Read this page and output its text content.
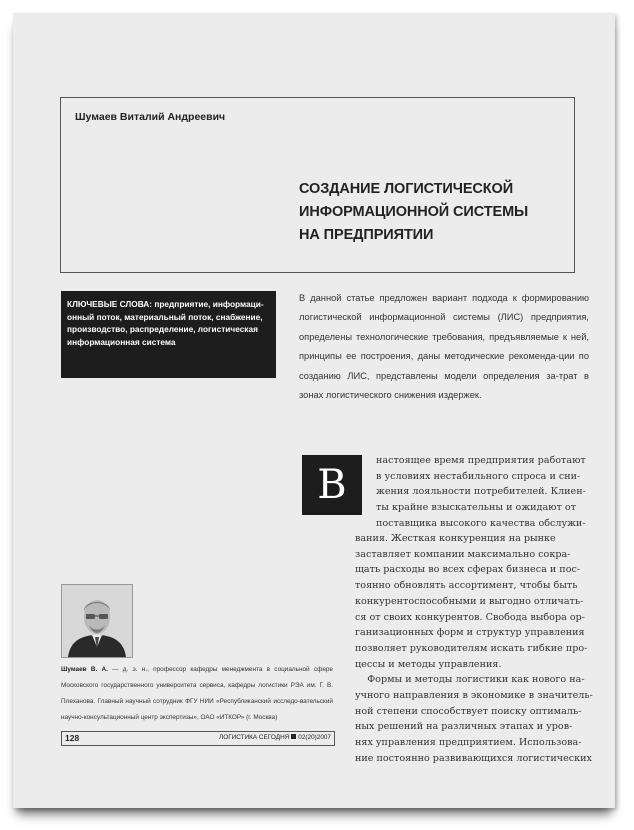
Шумаев Виталий Андреевич
СОЗДАНИЕ ЛОГИСТИЧЕСКОЙ
ИНФОРМАЦИОННОЙ СИСТЕМЫ
НА ПРЕДПРИЯТИИ

КЛЮЧЕВЫЕ СЛОВА: предприятие, информаци-
онный поток, материальный поток, снабжение,
производство, распределение, логистическая
информационная система

В данной статье предложен вариант подхода к формированию логистической информационной системы (ЛИС) предприятия, определены технологические требования, предъявляемые к ней, принципы ее построения, даны методические рекоменда-ции по созданию ЛИС, представлены модели определения за-трат в зонах логистического снижения издержек.

В

настоящее время предприятия работают
в условиях нестабильного спроса и сни-
жения лояльности потребителей. Клиен-
ты крайне взыскательны и ожидают от
поставщика высокого качества обслужи-

вания. Жесткая конкуренция на рынке
заставляет компании максимально сокра-
щать расходы во всех сферах бизнеса и пос-
тоянно обновлять ассортимент, чтобы быть
конкурентоспособными и выгодно отличать-
ся от своих конкурентов. Свобода выбора ор-
ганизационных форм и структур управления
позволяет руководителям искать гибкие про-
цессы и методы управления.
Формы и методы логистики как нового на-
учного направления в экономике в значитель-
ной степени способствует поиску оптималь-
ных решений на различных этапах и уров-
нях управления предприятием. Использова-
ние постоянно развивающихся логистических

Шумаев В. А. — д. э. н., профессор кафедры менеджмента в социальной сфере Московского государственного университета сервиса, кафедры логистики РЭА им. Г. В. Плеханова. Главный научный сотрудник ФГУ НИИ «Республиканский исследо-вательский научно-консультационный центр экспертизы», ОАО «ИТКОР» (г. Москва)

128	ЛОГИСТИКА СЕГОДНЯ 02(20)2007
